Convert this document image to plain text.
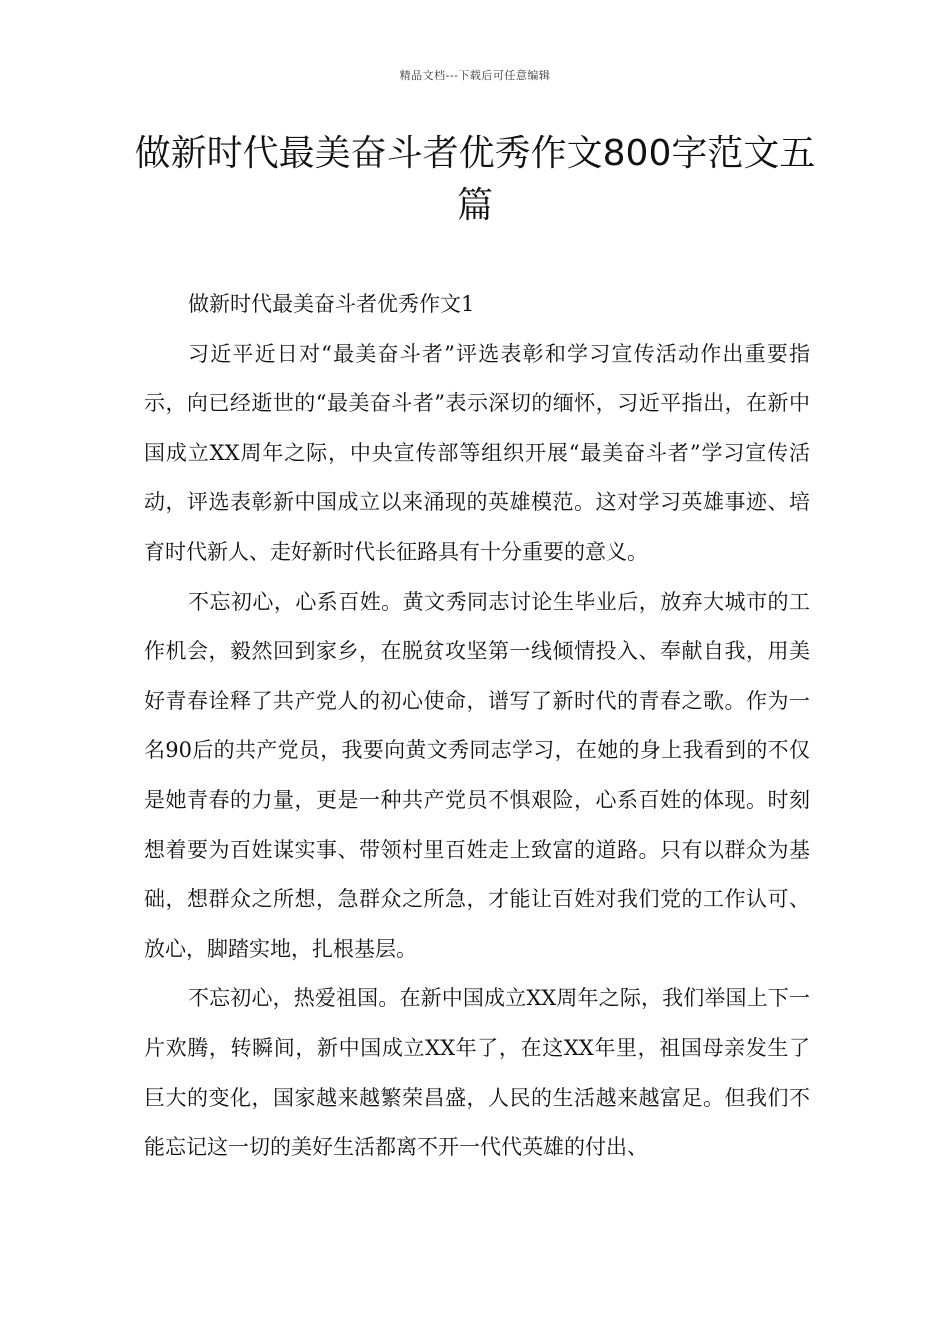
精品文档---下载后可任意编辑
做新时代最美奋斗者优秀作文800字范文五篇

做新时代最美奋斗者优秀作文1

习近平近日对“最美奋斗者”评选表彰和学习宣传活动作出重要指示，向已经逝世的“最美奋斗者”表示深切的缅怀，习近平指出，在新中国成立XX周年之际，中央宣传部等组织开展“最美奋斗者”学习宣传活动，评选表彰新中国成立以来涌现的英雄模范。这对学习英雄事迹、培育时代新人、走好新时代长征路具有十分重要的意义。

不忘初心，心系百姓。黄文秀同志讨论生毕业后，放弃大城市的工作机会，毅然回到家乡，在脱贫攻坚第一线倾情投入、奉献自我，用美好青春诠释了共产党人的初心使命，谱写了新时代的青春之歌。作为一名90后的共产党员，我要向黄文秀同志学习，在她的身上我看到的不仅是她青春的力量，更是一种共产党员不惧艰险，心系百姓的体现。时刻想着要为百姓谋实事、带领村里百姓走上致富的道路。只有以群众为基础，想群众之所想，急群众之所急，才能让百姓对我们党的工作认可、放心，脚踏实地，扎根基层。

不忘初心，热爱祖国。在新中国成立XX周年之际，我们举国上下一片欢腾，转瞬间，新中国成立XX年了，在这XX年里，祖国母亲发生了巨大的变化，国家越来越繁荣昌盛，人民的生活越来越富足。但我们不能忘记这一切的美好生活都离不开一代代英雄的付出、
